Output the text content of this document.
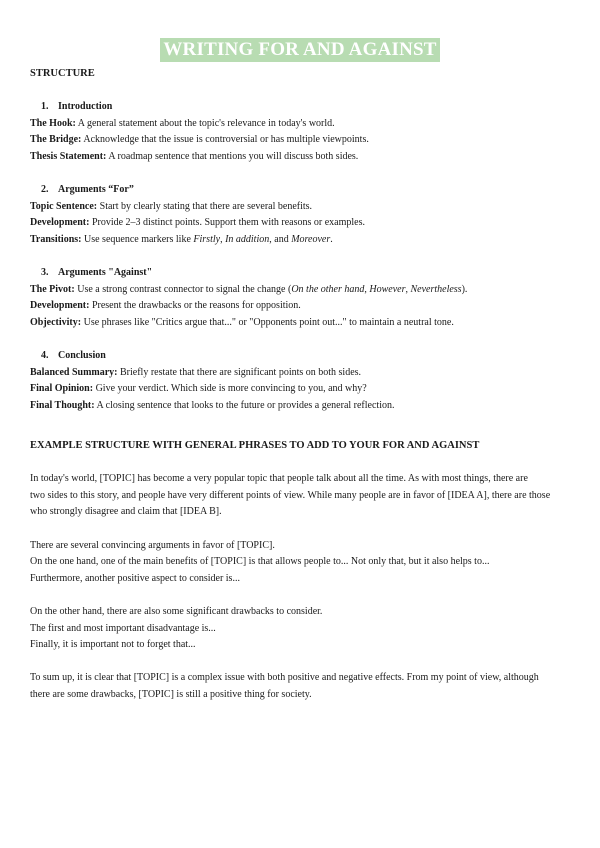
WRITING FOR AND AGAINST
STRUCTURE
1. Introduction
The Hook: A general statement about the topic's relevance in today's world.
The Bridge: Acknowledge that the issue is controversial or has multiple viewpoints.
Thesis Statement: A roadmap sentence that mentions you will discuss both sides.
2. Arguments “For”
Topic Sentence: Start by clearly stating that there are several benefits.
Development: Provide 2–3 distinct points. Support them with reasons or examples.
Transitions: Use sequence markers like Firstly, In addition, and Moreover.
3. Arguments "Against"
The Pivot: Use a strong contrast connector to signal the change (On the other hand, However, Nevertheless).
Development: Present the drawbacks or the reasons for opposition.
Objectivity: Use phrases like "Critics argue that..." or "Opponents point out..." to maintain a neutral tone.
4. Conclusion
Balanced Summary: Briefly restate that there are significant points on both sides.
Final Opinion: Give your verdict. Which side is more convincing to you, and why?
Final Thought: A closing sentence that looks to the future or provides a general reflection.
EXAMPLE STRUCTURE WITH GENERAL PHRASES TO ADD TO YOUR FOR AND AGAINST
In today's world, [TOPIC] has become a very popular topic that people talk about all the time. As with most things, there are
two sides to this story, and people have very different points of view. While many people are in favor of [IDEA A], there are those
who strongly disagree and claim that [IDEA B].
There are several convincing arguments in favor of [TOPIC].
On the one hand, one of the main benefits of [TOPIC] is that allows people to... Not only that, but it also helps to...
Furthermore, another positive aspect to consider is...
On the other hand, there are also some significant drawbacks to consider.
The first and most important disadvantage is...
Finally, it is important not to forget that...
To sum up, it is clear that [TOPIC] is a complex issue with both positive and negative effects. From my point of view, although
there are some drawbacks, [TOPIC] is still a positive thing for society.
